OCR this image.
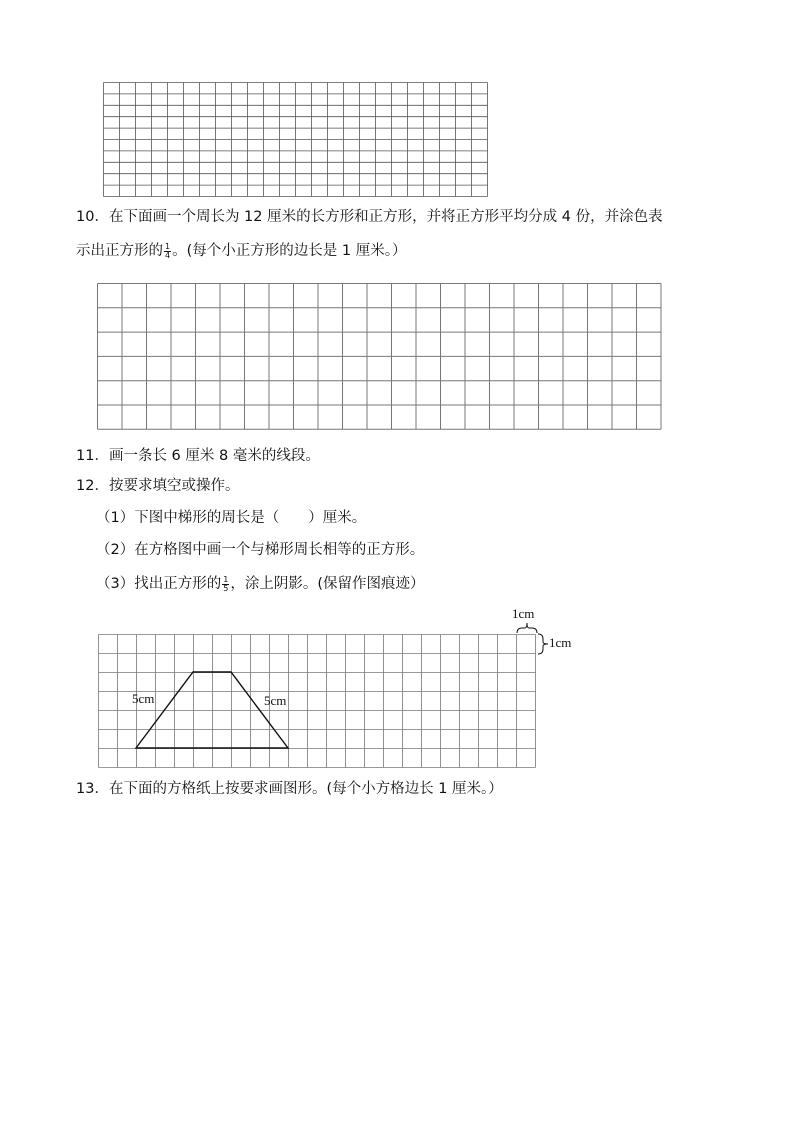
10．在下面画一个周长为 12 厘米的长方形和正方形，并将正方形平均分成 4 份，并涂色表
示出正方形的 $\frac{1}{4}$ 。(每个小正方形的边长是 1 厘米。）
11．画一条长 6 厘米 8 毫米的线段。
12．按要求填空或操作。
（1）下图中梯形的周长是（　　）厘米。
（2）在方格图中画一个与梯形周长相等的正方形。
（3）找出正方形的 $\frac{1}{5}$ ，涂上阴影。(保留作图痕迹）
1cm
1cm
5cm	5cm
13．在下面的方格纸上按要求画图形。(每个小方格边长 1 厘米。）
